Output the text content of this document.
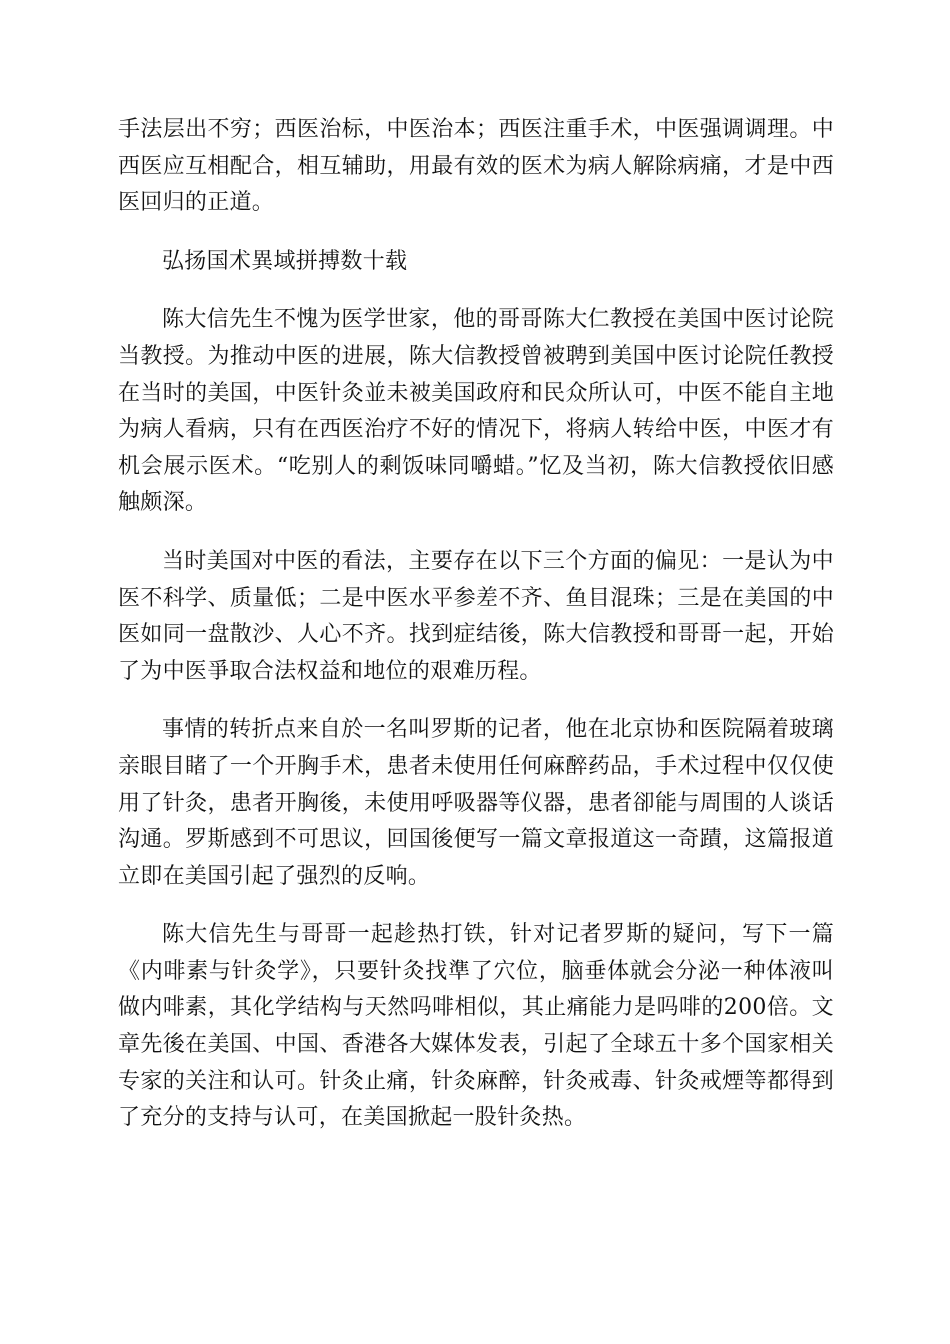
手法层出不穷；西医治标，中医治本；西医注重手术，中医强调调理。中西医应互相配合，相互辅助，用最有效的医术为病人解除病痛，才是中西医回归的正道。

弘扬国术異域拼搏数十载

陈大信先生不愧为医学世家，他的哥哥陈大仁教授在美国中医讨论院当教授。为推动中医的进展，陈大信教授曾被聘到美国中医讨论院任教授在当时的美国，中医针灸並未被美国政府和民众所认可，中医不能自主地为病人看病，只有在西医治疗不好的情况下，将病人转给中医，中医才有机会展示医术。“吃别人的剩饭味同嚼蜡。”忆及当初，陈大信教授依旧感触颇深。

当时美国对中医的看法，主要存在以下三个方面的偏见：一是认为中医不科学、质量低；二是中医水平参差不齐、鱼目混珠；三是在美国的中医如同一盘散沙、人心不齐。找到症结後，陈大信教授和哥哥一起，开始了为中医爭取合法权益和地位的艰难历程。

事情的转折点来自於一名叫罗斯的记者，他在北京协和医院隔着玻璃亲眼目睹了一个开胸手术，患者未使用任何麻醉药品，手术过程中仅仅使用了针灸，患者开胸後，未使用呼吸器等仪器，患者卻能与周围的人谈话沟通。罗斯感到不可思议，回国後便写一篇文章报道这一奇蹟，这篇报道立即在美国引起了强烈的反响。

陈大信先生与哥哥一起趁热打铁，针对记者罗斯的疑问，写下一篇《内啡素与针灸学》，只要针灸找準了穴位，脑垂体就会分泌一种体液叫做内啡素，其化学结构与天然吗啡相似，其止痛能力是吗啡的200倍。文章先後在美国、中国、香港各大媒体发表，引起了全球五十多个国家相关专家的关注和认可。针灸止痛，针灸麻醉，针灸戒毒、针灸戒煙等都得到了充分的支持与认可，在美国掀起一股针灸热。
